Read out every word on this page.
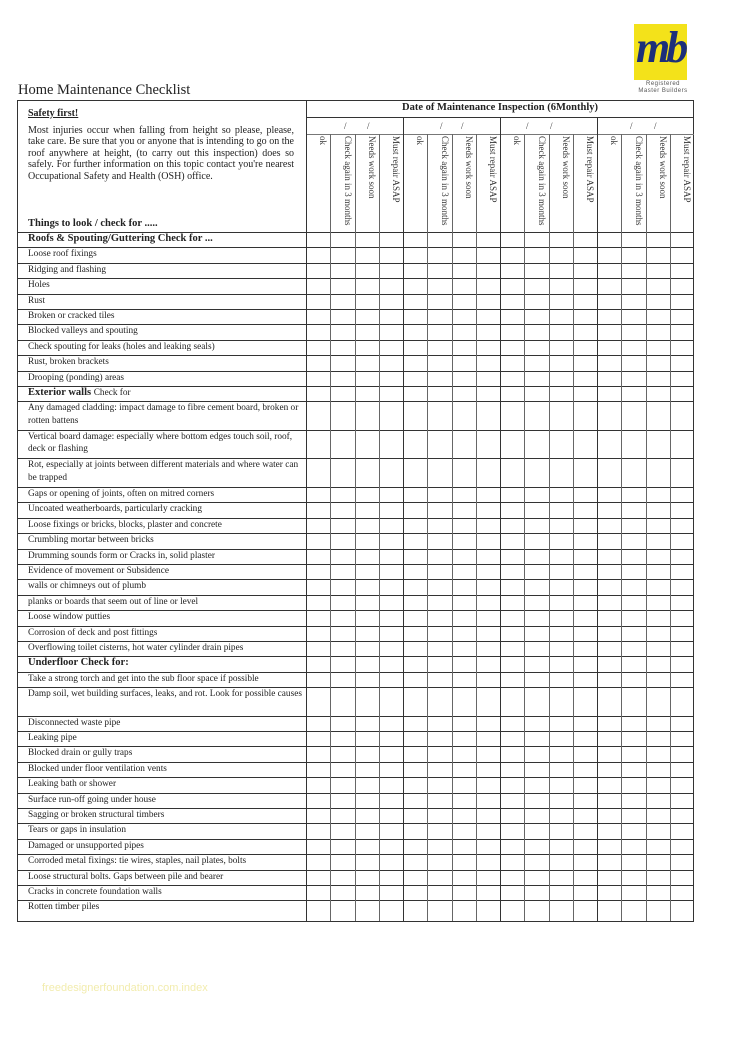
mb
Registered
Master Builders
Home Maintenance Checklist
Safety first!
Most injuries occur when falling from height so please, please, take care. Be sure that you or anyone that is intending to go on the roof anywhere at height, (to carry out this inspection) does so safely. For further information on this topic contact you're nearest Occupational Safety and Health (OSH) office.
Things to look / check for .....
Date of Maintenance Inspection (6Monthly)
Roofs & Spouting/Guttering Check for ...
Loose roof fixings
Ridging and flashing
Holes
Rust
Broken or cracked tiles
Blocked valleys and spouting
Check spouting for leaks (holes and leaking seals)
Rust, broken brackets
Drooping (ponding) areas
Exterior walls Check for
Any damaged cladding: impact damage to fibre cement board, broken or rotten battens
Vertical board damage: especially where bottom edges touch soil, roof, deck or flashing
Rot, especially at joints between different materials and where water can be trapped
Gaps or opening of joints, often on mitred corners
Uncoated weatherboards, particularly cracking
Loose fixings or bricks, blocks, plaster and concrete
Crumbling mortar between bricks
Drumming sounds form or Cracks in, solid plaster
Evidence of movement or Subsidence
walls or chimneys out of plumb
planks or boards that seem out of line or level
Loose window putties
Corrosion of deck and post fittings
Overflowing toilet cisterns, hot water cylinder drain pipes
Underfloor Check for:
Take a strong torch and get into the sub floor space if possible
Damp soil, wet building surfaces, leaks, and rot. Look for possible causes
Disconnected waste pipe
Leaking pipe
Blocked drain or gully traps
Blocked under floor ventilation vents
Leaking bath or shower
Surface run-off going under house
Sagging or broken structural timbers
Tears or gaps in insulation
Damaged or unsupported pipes
Corroded metal fixings: tie wires, staples, nail plates, bolts
Loose structural bolts. Gaps between pile and bearer
Cracks in concrete foundation walls
Rotten timber piles
/ /	/ /	/ /	/ /
ok	Check again in 3 months	Needs work soon	Must repair ASAP	ok	Check again in 3 months	Needs work soon	Must repair ASAP	ok	Check again in 3 months	Needs work soon	Must repair ASAP	ok	Check again in 3 months	Needs work soon	Must repair ASAP
freedesignerfoundation.com.index
